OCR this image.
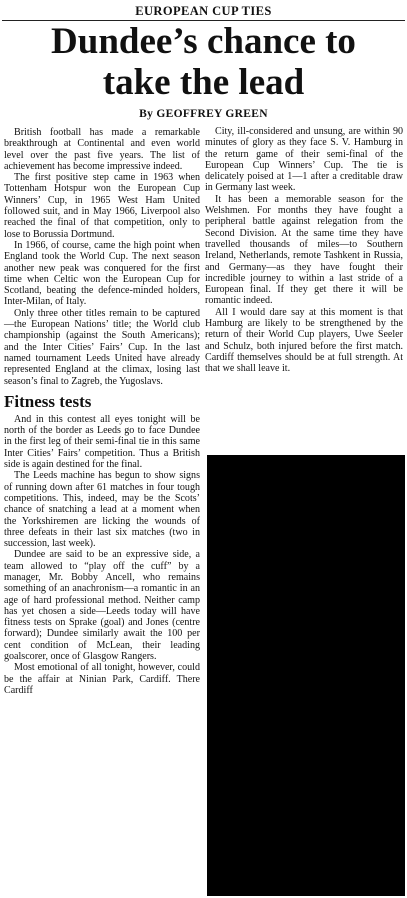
EUROPEAN CUP TIES
Dundee’s chance to
take the lead
By GEOFFREY GREEN

British football has made a remarkable breakthrough at Continental and even world level over the past five years. The list of achievement has become impressive indeed.

The first positive step came in 1963 when Tottenham Hotspur won the European Cup Winners’ Cup, in 1965 West Ham United followed suit, and in May 1966, Liverpool also reached the final of that competition, only to lose to Borussia Dortmund.

In 1966, of course, came the high point when England took the World Cup. The next season another new peak was conquered for the first time when Celtic won the European Cup for Scotland, beating the defence-minded holders, Inter-Milan, of Italy.

Only three other titles remain to be captured—the European Nations’ title; the World club championship (against the South Americans); and the Inter Cities’ Fairs’ Cup. In the last named tournament Leeds United have already represented England at the climax, losing last season’s final to Zagreb, the Yugoslavs.

Fitness tests

And in this contest all eyes tonight will be north of the border as Leeds go to face Dundee in the first leg of their semi-final tie in this same Inter Cities’ Fairs’ competition. Thus a British side is again destined for the final.

The Leeds machine has begun to show signs of running down after 61 matches in four tough competitions. This, indeed, may be the Scots’ chance of snatching a lead at a moment when the Yorkshiremen are licking the wounds of three defeats in their last six matches (two in succession, last week).

Dundee are said to be an expressive side, a team allowed to “play off the cuff” by a manager, Mr. Bobby Ancell, who remains something of an anachronism—a romantic in an age of hard professional method. Neither camp has yet chosen a side—Leeds today will have fitness tests on Sprake (goal) and Jones (centre forward); Dundee similarly await the 100 per cent condition of McLean, their leading goalscorer, once of Glasgow Rangers.

Most emotional of all tonight, however, could be the affair at Ninian Park, Cardiff. There Cardiff

City, ill-considered and unsung, are within 90 minutes of glory as they face S. V. Hamburg in the return game of their semi-final of the European Cup Winners’ Cup. The tie is delicately poised at 1—1 after a creditable draw in Germany last week.

It has been a memorable season for the Welshmen. For months they have fought a peripheral battle against relegation from the Second Division. At the same time they have travelled thousands of miles—to Southern Ireland, Netherlands, remote Tashkent in Russia, and Germany—as they have fought their incredible journey to within a last stride of a European final. If they get there it will be romantic indeed.

All I would dare say at this moment is that Hamburg are likely to be strengthened by the return of their World Cup players, Uwe Seeler and Schulz, both injured before the first match. Cardiff themselves should be at full strength. At that we shall leave it.
